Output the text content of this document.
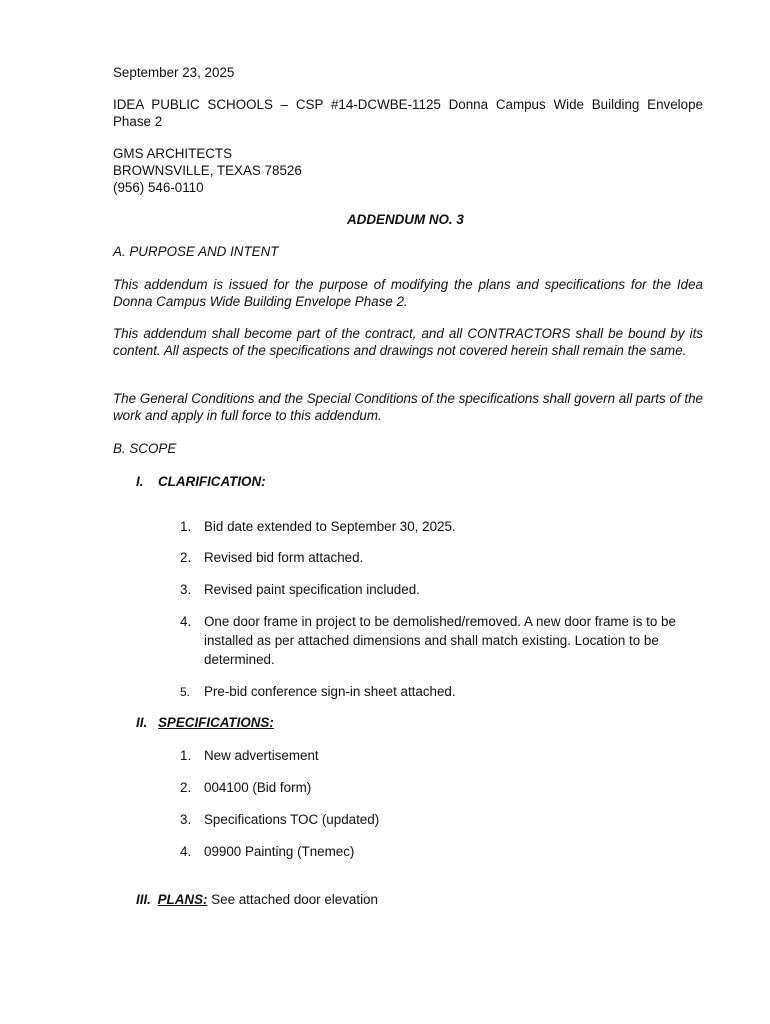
September 23, 2025
IDEA PUBLIC SCHOOLS – CSP #14-DCWBE-1125 Donna Campus Wide Building Envelope Phase 2
GMS ARCHITECTS
BROWNSVILLE, TEXAS 78526
(956) 546-0110
ADDENDUM NO. 3
A. PURPOSE AND INTENT
This addendum is issued for the purpose of modifying the plans and specifications for the Idea Donna Campus Wide Building Envelope Phase 2.
This addendum shall become part of the contract, and all CONTRACTORS shall be bound by its content. All aspects of the specifications and drawings not covered herein shall remain the same.
The General Conditions and the Special Conditions of the specifications shall govern all parts of the work and apply in full force to this addendum.
B. SCOPE
I. CLARIFICATION:
1. Bid date extended to September 30, 2025.
2. Revised bid form attached.
3. Revised paint specification included.
4. One door frame in project to be demolished/removed. A new door frame is to be installed as per attached dimensions and shall match existing. Location to be determined.
5. Pre-bid conference sign-in sheet attached.
II. SPECIFICATIONS:
1. New advertisement
2. 004100 (Bid form)
3. Specifications TOC (updated)
4. 09900 Painting (Tnemec)
III. PLANS: See attached door elevation
